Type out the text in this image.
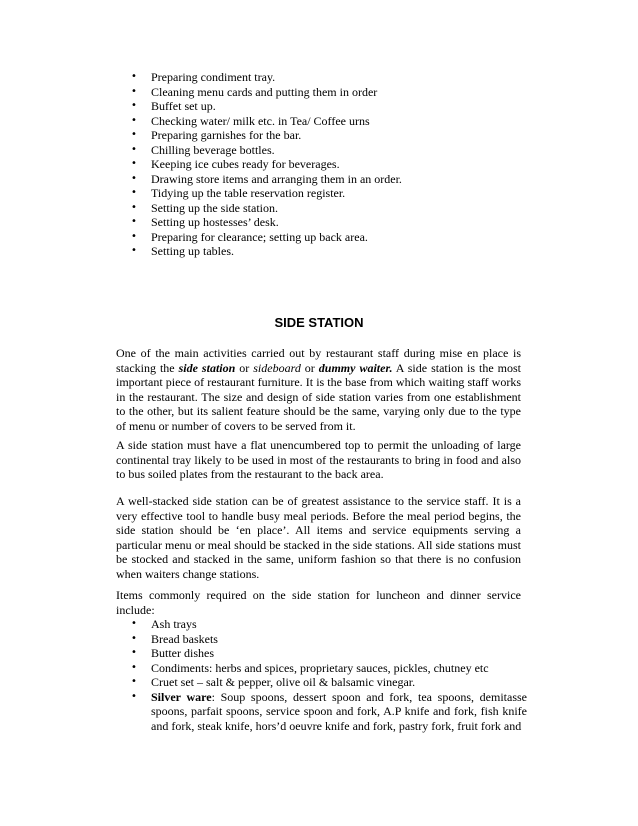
• Preparing condiment tray.
• Cleaning menu cards and putting them in order
• Buffet set up.
• Checking water/ milk etc. in Tea/ Coffee urns
• Preparing garnishes for the bar.
• Chilling beverage bottles.
• Keeping ice cubes ready for beverages.
• Drawing store items and arranging them in an order.
• Tidying up the table reservation register.
• Setting up the side station.
• Setting up hostesses’ desk.
• Preparing for clearance; setting up back area.
• Setting up tables.
SIDE STATION

One of the main activities carried out by restaurant staff during mise en place is stacking the side station or sideboard or dummy waiter. A side station is the most important piece of restaurant furniture. It is the base from which waiting staff works in the restaurant. The size and design of side station varies from one establishment to the other, but its salient feature should be the same, varying only due to the type of menu or number of covers to be served from it.

A side station must have a flat unencumbered top to permit the unloading of large continental tray likely to be used in most of the restaurants to bring in food and also to bus soiled plates from the restaurant to the back area.

A well-stacked side station can be of greatest assistance to the service staff. It is a very effective tool to handle busy meal periods. Before the meal period begins, the side station should be ‘en place’. All items and service equipments serving a particular menu or meal should be stacked in the side stations. All side stations must be stocked and stacked in the same, uniform fashion so that there is no confusion when waiters change stations.

Items commonly required on the side station for luncheon and dinner service include:

• Ash trays
• Bread baskets
• Butter dishes
• Condiments: herbs and spices, proprietary sauces, pickles, chutney etc
• Cruet set – salt & pepper, olive oil & balsamic vinegar.
• Silver ware: Soup spoons, dessert spoon and fork, tea spoons, demitasse spoons, parfait spoons, service spoon and fork, A.P knife and fork, fish knife and fork, steak knife, hors’d oeuvre knife and fork, pastry fork, fruit fork and
